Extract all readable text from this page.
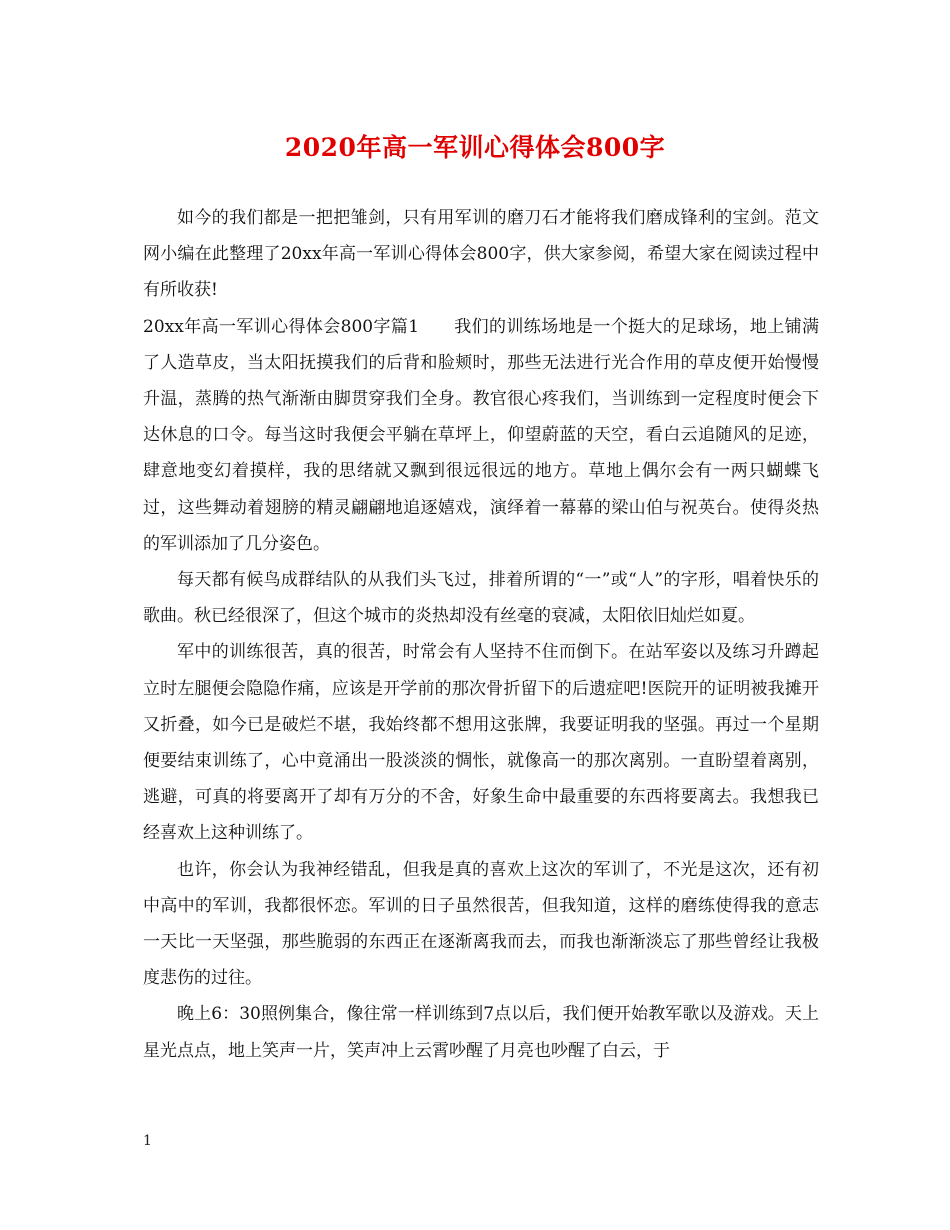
2020年高一军训心得体会800字

如今的我们都是一把把雏剑，只有用军训的磨刀石才能将我们磨成锋利的宝剑。范文网小编在此整理了20xx年高一军训心得体会800字，供大家参阅，希望大家在阅读过程中有所收获!

20xx年高一军训心得体会800字篇1　　我们的训练场地是一个挺大的足球场，地上铺满了人造草皮，当太阳抚摸我们的后背和脸颊时，那些无法进行光合作用的草皮便开始慢慢升温，蒸腾的热气渐渐由脚贯穿我们全身。教官很心疼我们，当训练到一定程度时便会下达休息的口令。每当这时我便会平躺在草坪上，仰望蔚蓝的天空，看白云追随风的足迹，肆意地变幻着摸样，我的思绪就又飘到很远很远的地方。草地上偶尔会有一两只蝴蝶飞过，这些舞动着翅膀的精灵翩翩地追逐嬉戏，演绎着一幕幕的梁山伯与祝英台。使得炎热的军训添加了几分姿色。

每天都有候鸟成群结队的从我们头飞过，排着所谓的“一”或“人”的字形，唱着快乐的歌曲。秋已经很深了，但这个城市的炎热却没有丝毫的衰减，太阳依旧灿烂如夏。

军中的训练很苦，真的很苦，时常会有人坚持不住而倒下。在站军姿以及练习升蹲起立时左腿便会隐隐作痛，应该是开学前的那次骨折留下的后遗症吧!医院开的证明被我摊开又折叠，如今已是破烂不堪，我始终都不想用这张牌，我要证明我的坚强。再过一个星期便要结束训练了，心中竟涌出一股淡淡的惆怅，就像高一的那次离别。一直盼望着离别，逃避，可真的将要离开了却有万分的不舍，好象生命中最重要的东西将要离去。我想我已经喜欢上这种训练了。

也许，你会认为我神经错乱，但我是真的喜欢上这次的军训了，不光是这次，还有初中高中的军训，我都很怀恋。军训的日子虽然很苦，但我知道，这样的磨练使得我的意志一天比一天坚强，那些脆弱的东西正在逐渐离我而去，而我也渐渐淡忘了那些曾经让我极度悲伤的过往。

晚上6：30照例集合，像往常一样训练到7点以后，我们便开始教军歌以及游戏。天上星光点点，地上笑声一片，笑声冲上云霄吵醒了月亮也吵醒了白云，于

1
